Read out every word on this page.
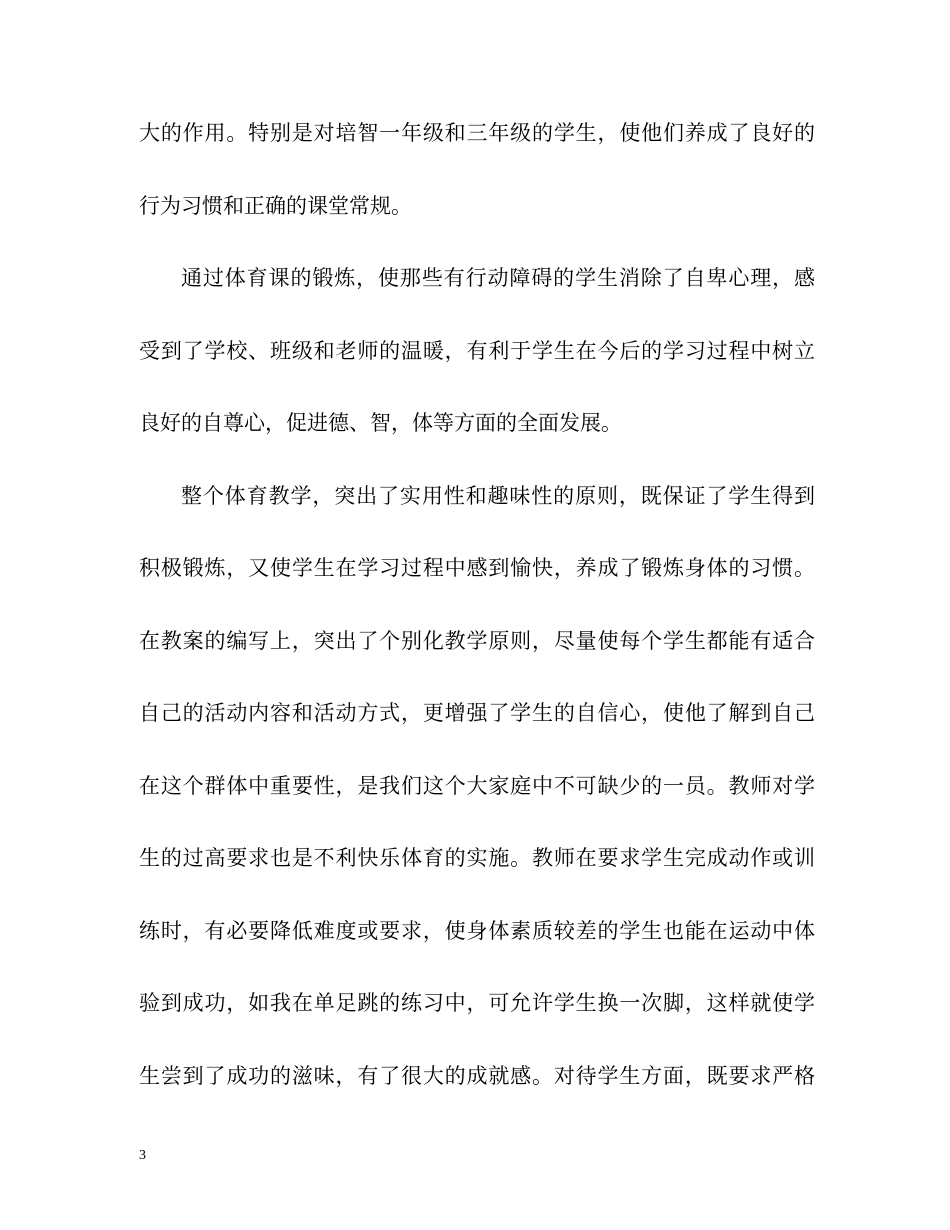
大的作用。特别是对培智一年级和三年级的学生，使他们养成了良好的
行为习惯和正确的课堂常规。
通过体育课的锻炼，使那些有行动障碍的学生消除了自卑心理，感
受到了学校、班级和老师的温暖，有利于学生在今后的学习过程中树立
良好的自尊心，促进德、智，体等方面的全面发展。
整个体育教学，突出了实用性和趣味性的原则，既保证了学生得到
积极锻炼，又使学生在学习过程中感到愉快，养成了锻炼身体的习惯。
在教案的编写上，突出了个别化教学原则，尽量使每个学生都能有适合
自己的活动内容和活动方式，更增强了学生的自信心，使他了解到自己
在这个群体中重要性，是我们这个大家庭中不可缺少的一员。教师对学
生的过高要求也是不利快乐体育的实施。教师在要求学生完成动作或训
练时，有必要降低难度或要求，使身体素质较差的学生也能在运动中体
验到成功，如我在单足跳的练习中，可允许学生换一次脚，这样就使学
生尝到了成功的滋味，有了很大的成就感。对待学生方面，既要求严格
3
